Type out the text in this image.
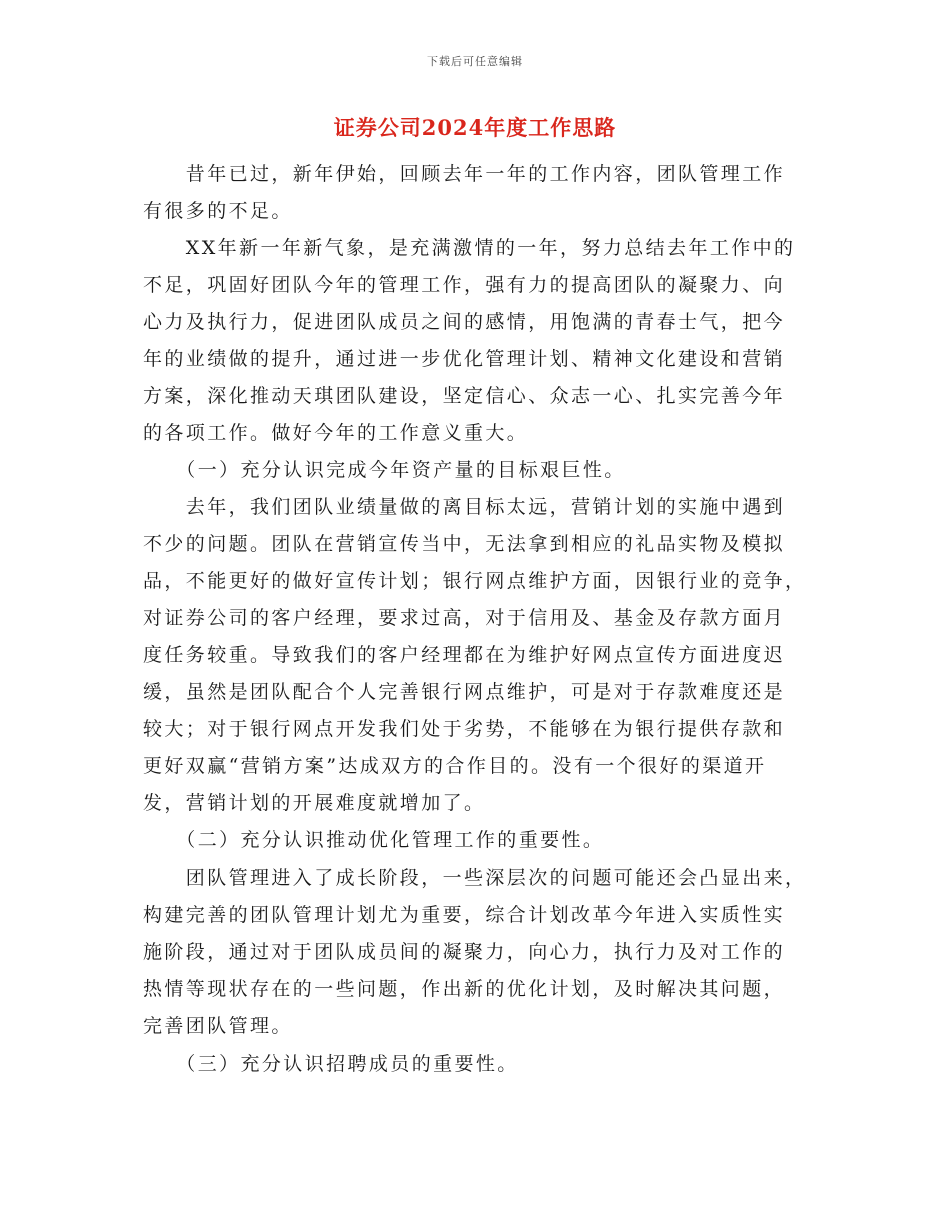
下载后可任意编辑
证券公司2024年度工作思路
　　昔年已过，新年伊始，回顾去年一年的工作内容，团队管理工作
有很多的不足。
　　XX年新一年新气象，是充满激情的一年，努力总结去年工作中的
不足，巩固好团队今年的管理工作，强有力的提高团队的凝聚力、向
心力及执行力，促进团队成员之间的感情，用饱满的青春士气，把今
年的业绩做的提升，通过进一步优化管理计划、精神文化建设和营销
方案，深化推动天琪团队建设，坚定信心、众志一心、扎实完善今年
的各项工作。做好今年的工作意义重大。
　　（一）充分认识完成今年资产量的目标艰巨性。
　　去年，我们团队业绩量做的离目标太远，营销计划的实施中遇到
不少的问题。团队在营销宣传当中，无法拿到相应的礼品实物及模拟
品，不能更好的做好宣传计划；银行网点维护方面，因银行业的竞争，
对证券公司的客户经理，要求过高，对于信用及、基金及存款方面月
度任务较重。导致我们的客户经理都在为维护好网点宣传方面进度迟
缓，虽然是团队配合个人完善银行网点维护，可是对于存款难度还是
较大；对于银行网点开发我们处于劣势，不能够在为银行提供存款和
更好双赢“营销方案”达成双方的合作目的。没有一个很好的渠道开
发，营销计划的开展难度就增加了。
　　（二）充分认识推动优化管理工作的重要性。
　　团队管理进入了成长阶段，一些深层次的问题可能还会凸显出来，
构建完善的团队管理计划尤为重要，综合计划改革今年进入实质性实
施阶段，通过对于团队成员间的凝聚力，向心力，执行力及对工作的
热情等现状存在的一些问题，作出新的优化计划，及时解决其问题，
完善团队管理。
　　（三）充分认识招聘成员的重要性。
